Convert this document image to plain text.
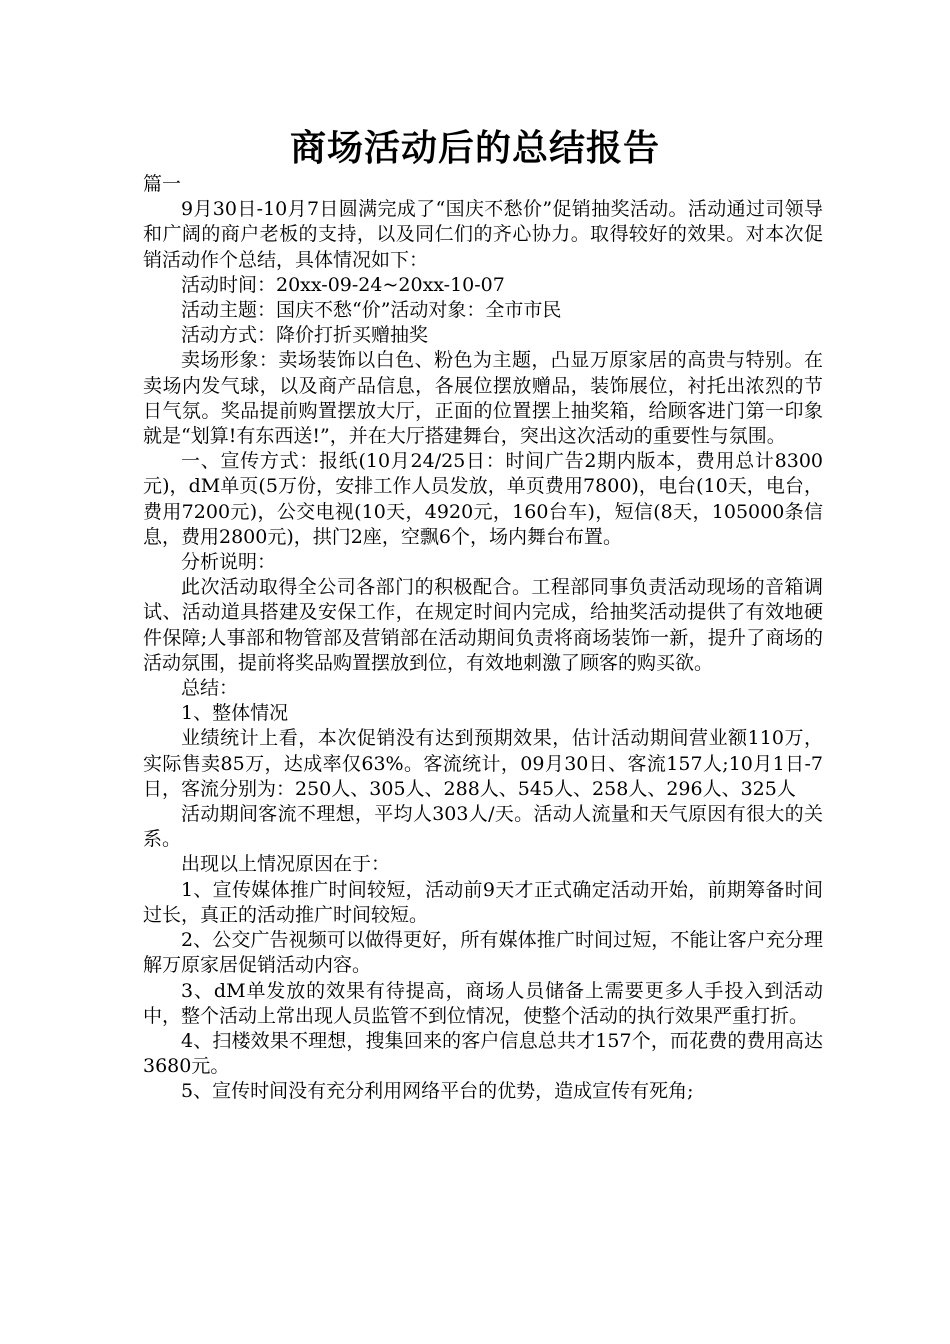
商场活动后的总结报告

篇一

9月30日-10月7日圆满完成了“国庆不愁价”促销抽奖活动。活动通过司领导和广阔的商户老板的支持，以及同仁们的齐心协力。取得较好的效果。对本次促销活动作个总结，具体情况如下：

活动时间：20xx-09-24~20xx-10-07

活动主题：国庆不愁“价”活动对象：全市市民

活动方式：降价打折买赠抽奖

卖场形象：卖场装饰以白色、粉色为主题，凸显万原家居的高贵与特别。在卖场内发气球，以及商产品信息，各展位摆放赠品，装饰展位，衬托出浓烈的节日气氛。奖品提前购置摆放大厅，正面的位置摆上抽奖箱，给顾客进门第一印象就是“划算!有东西送!”，并在大厅搭建舞台，突出这次活动的重要性与氛围。

一、宣传方式：报纸(10月24/25日：时间广告2期内版本，费用总计8300元)，dM单页(5万份，安排工作人员发放，单页费用7800)，电台(10天，电台，费用7200元)，公交电视(10天，4920元，160台车)，短信(8天，105000条信息，费用2800元)，拱门2座，空飘6个，场内舞台布置。

分析说明：

此次活动取得全公司各部门的积极配合。工程部同事负责活动现场的音箱调试、活动道具搭建及安保工作，在规定时间内完成，给抽奖活动提供了有效地硬件保障;人事部和物管部及营销部在活动期间负责将商场装饰一新，提升了商场的活动氛围，提前将奖品购置摆放到位，有效地刺激了顾客的购买欲。

总结：

1、整体情况

业绩统计上看，本次促销没有达到预期效果，估计活动期间营业额110万，实际售卖85万，达成率仅63%。客流统计，09月30日、客流157人;10月1日-7日，客流分别为：250人、305人、288人、545人、258人、296人、325人

活动期间客流不理想，平均人303人/天。活动人流量和天气原因有很大的关系。

出现以上情况原因在于：

1、宣传媒体推广时间较短，活动前9天才正式确定活动开始，前期筹备时间过长，真正的活动推广时间较短。

2、公交广告视频可以做得更好，所有媒体推广时间过短，不能让客户充分理解万原家居促销活动内容。

3、dM单发放的效果有待提高，商场人员储备上需要更多人手投入到活动中，整个活动上常出现人员监管不到位情况，使整个活动的执行效果严重打折。

4、扫楼效果不理想，搜集回来的客户信息总共才157个，而花费的费用高达3680元。

5、宣传时间没有充分利用网络平台的优势，造成宣传有死角;
